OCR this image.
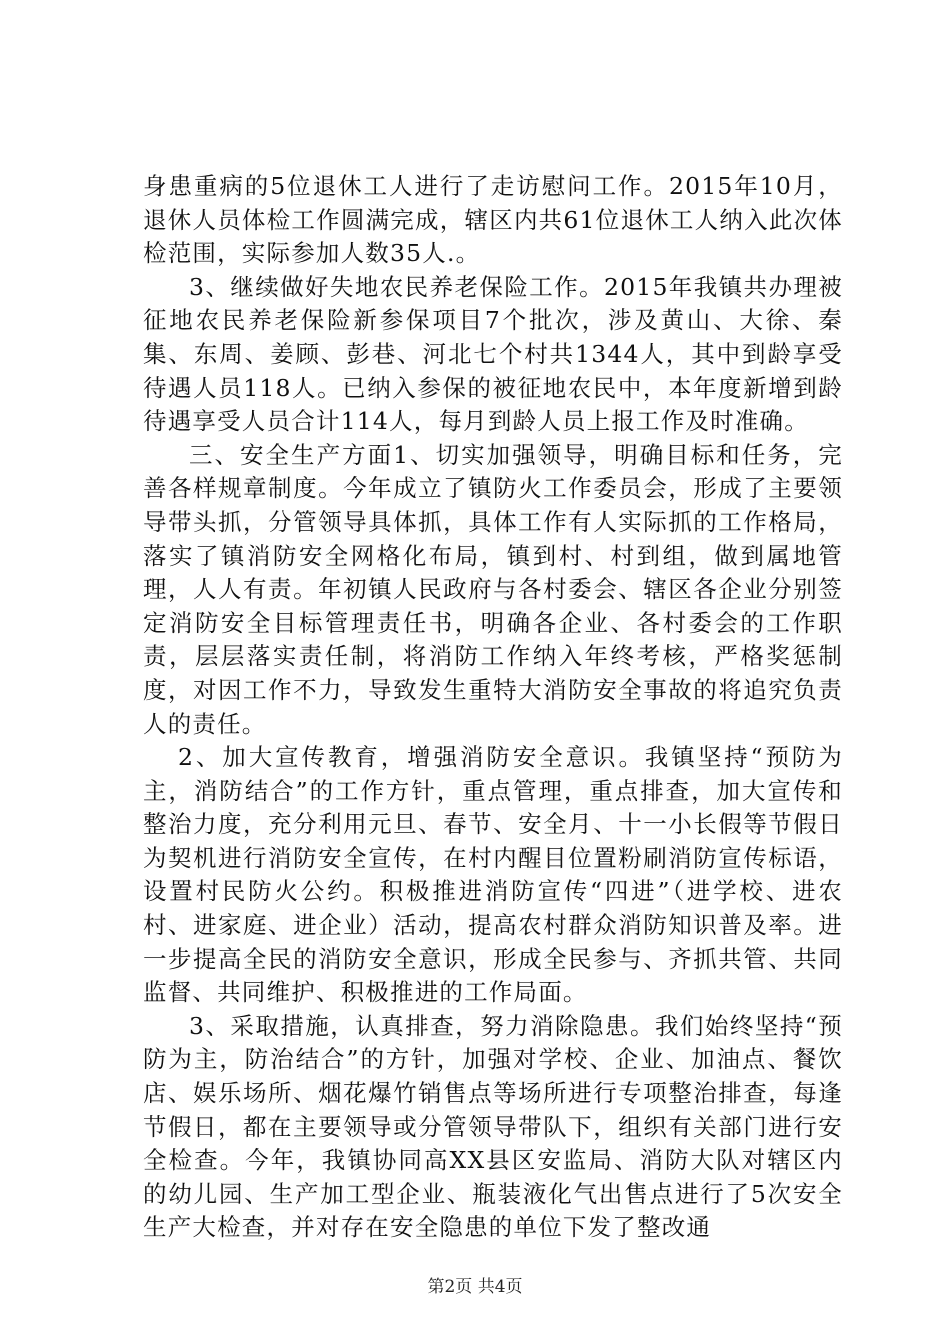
身患重病的5位退休工人进行了走访慰问工作。2015年10月，退休人员体检工作圆满完成，辖区内共61位退休工人纳入此次体检范围，实际参加人数35人.。

3、继续做好失地农民养老保险工作。2015年我镇共办理被征地农民养老保险新参保项目7个批次，涉及黄山、大徐、秦集、东周、姜顾、彭巷、河北七个村共1344人，其中到龄享受待遇人员118人。已纳入参保的被征地农民中，本年度新增到龄待遇享受人员合计114人，每月到龄人员上报工作及时准确。

三、安全生产方面1、切实加强领导，明确目标和任务，完善各样规章制度。今年成立了镇防火工作委员会，形成了主要领导带头抓，分管领导具体抓，具体工作有人实际抓的工作格局，落实了镇消防安全网格化布局，镇到村、村到组，做到属地管理，人人有责。年初镇人民政府与各村委会、辖区各企业分别签定消防安全目标管理责任书，明确各企业、各村委会的工作职责，层层落实责任制，将消防工作纳入年终考核，严格奖惩制度，对因工作不力，导致发生重特大消防安全事故的将追究负责人的责任。

2、加大宣传教育，增强消防安全意识。我镇坚持“预防为主，消防结合”的工作方针，重点管理，重点排查，加大宣传和整治力度，充分利用元旦、春节、安全月、十一小长假等节假日为契机进行消防安全宣传，在村内醒目位置粉刷消防宣传标语，设置村民防火公约。积极推进消防宣传“四进”（进学校、进农村、进家庭、进企业）活动，提高农村群众消防知识普及率。进一步提高全民的消防安全意识，形成全民参与、齐抓共管、共同监督、共同维护、积极推进的工作局面。

3、采取措施，认真排查，努力消除隐患。我们始终坚持“预防为主，防治结合”的方针，加强对学校、企业、加油点、餐饮店、娱乐场所、烟花爆竹销售点等场所进行专项整治排查，每逢节假日，都在主要领导或分管领导带队下，组织有关部门进行安全检查。今年，我镇协同高XX县区安监局、消防大队对辖区内的幼儿园、生产加工型企业、瓶装液化气出售点进行了5次安全生产大检查，并对存在安全隐患的单位下发了整改通

第2页 共4页
